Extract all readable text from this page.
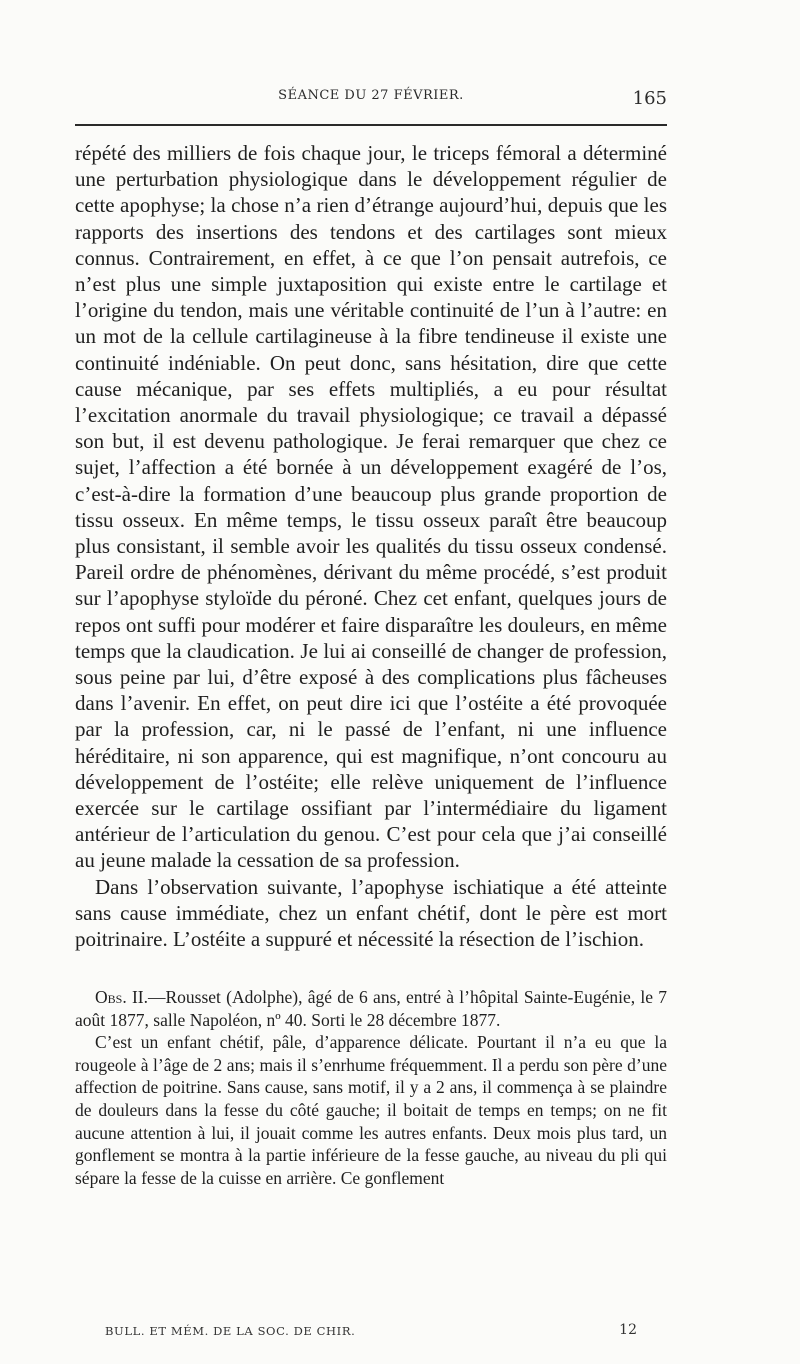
SÉANCE DU 27 FÉVRIER.	165

répété des milliers de fois chaque jour, le triceps fémoral a déterminé une perturbation physiologique dans le développement régulier de cette apophyse; la chose n’a rien d’étrange aujourd’hui, depuis que les rapports des insertions des tendons et des cartilages sont mieux connus. Contrairement, en effet, à ce que l’on pensait autrefois, ce n’est plus une simple juxtaposition qui existe entre le cartilage et l’origine du tendon, mais une véritable continuité de l’un à l’autre: en un mot de la cellule cartilagineuse à la fibre tendineuse il existe une continuité indéniable. On peut donc, sans hésitation, dire que cette cause mécanique, par ses effets multipliés, a eu pour résultat l’excitation anormale du travail physiologique; ce travail a dépassé son but, il est devenu pathologique. Je ferai remarquer que chez ce sujet, l’affection a été bornée à un développement exagéré de l’os, c’est-à-dire la formation d’une beaucoup plus grande proportion de tissu osseux. En même temps, le tissu osseux paraît être beaucoup plus consistant, il semble avoir les qualités du tissu osseux condensé. Pareil ordre de phénomènes, dérivant du même procédé, s’est produit sur l’apophyse styloïde du péroné. Chez cet enfant, quelques jours de repos ont suffi pour modérer et faire disparaître les douleurs, en même temps que la claudication. Je lui ai conseillé de changer de profession, sous peine par lui, d’être exposé à des complications plus fâcheuses dans l’avenir. En effet, on peut dire ici que l’ostéite a été provoquée par la profession, car, ni le passé de l’enfant, ni une influence héréditaire, ni son apparence, qui est magnifique, n’ont concouru au développement de l’ostéite; elle relève uniquement de l’influence exercée sur le cartilage ossifiant par l’intermédiaire du ligament antérieur de l’articulation du genou. C’est pour cela que j’ai conseillé au jeune malade la cessation de sa profession.

Dans l’observation suivante, l’apophyse ischiatique a été atteinte sans cause immédiate, chez un enfant chétif, dont le père est mort poitrinaire. L’ostéite a suppuré et nécessité la résection de l’ischion.

Obs. II.—Rousset (Adolphe), âgé de 6 ans, entré à l’hôpital Sainte-Eugénie, le 7 août 1877, salle Napoléon, nº 40. Sorti le 28 décembre 1877.

C’est un enfant chétif, pâle, d’apparence délicate. Pourtant il n’a eu que la rougeole à l’âge de 2 ans; mais il s’enrhume fréquemment. Il a perdu son père d’une affection de poitrine. Sans cause, sans motif, il y a 2 ans, il commença à se plaindre de douleurs dans la fesse du côté gauche; il boitait de temps en temps; on ne fit aucune attention à lui, il jouait comme les autres enfants. Deux mois plus tard, un gonflement se montra à la partie inférieure de la fesse gauche, au niveau du pli qui sépare la fesse de la cuisse en arrière. Ce gonflement

BULL. ET MÉM. DE LA SOC. DE CHIR.	12
